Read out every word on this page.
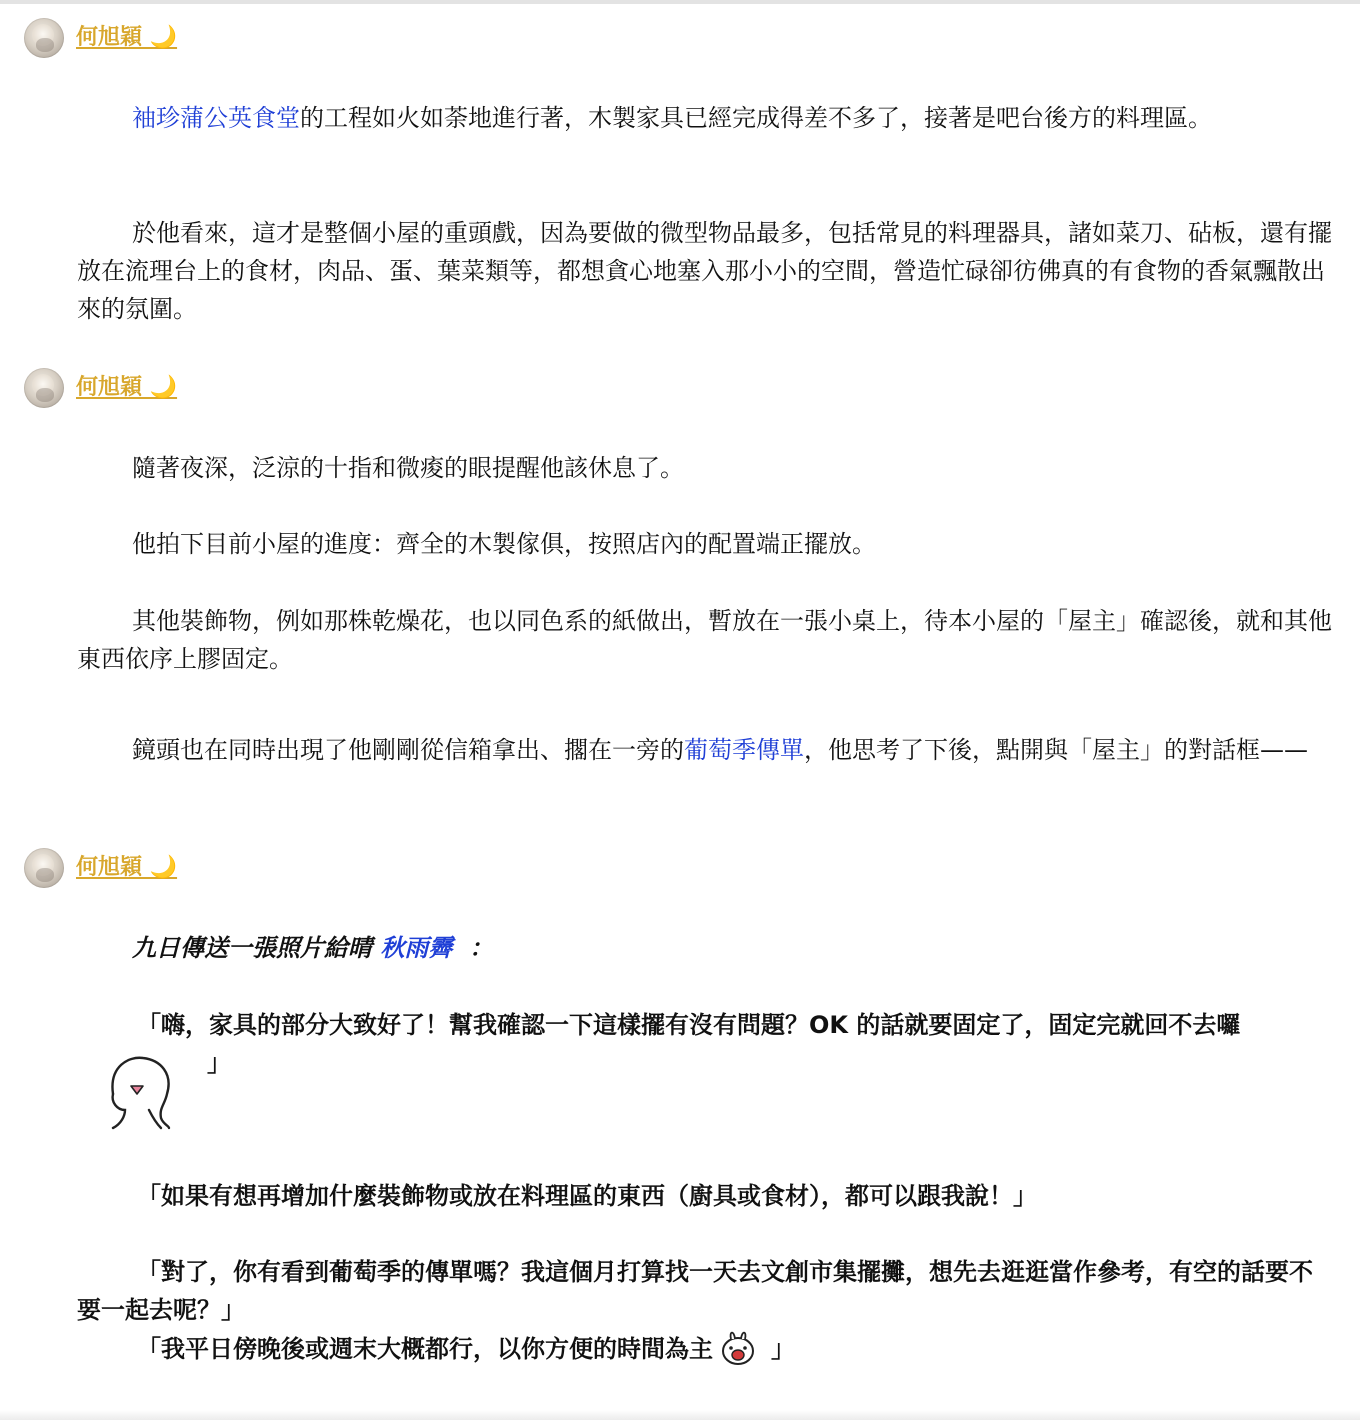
何旭穎 🌙

袖珍蒲公英食堂的工程如火如荼地進行著，木製家具已經完成得差不多了，接著是吧台後方的料理區。

於他看來，這才是整個小屋的重頭戲，因為要做的微型物品最多，包括常見的料理器具，諸如菜刀、砧板，還有擺放在流理台上的食材，肉品、蛋、葉菜類等，都想貪心地塞入那小小的空間，營造忙碌卻彷佛真的有食物的香氣飄散出來的氛圍。

何旭穎 🌙

隨著夜深，泛涼的十指和微痠的眼提醒他該休息了。

他拍下目前小屋的進度：齊全的木製傢俱，按照店內的配置端正擺放。

其他裝飾物，例如那株乾燥花，也以同色系的紙做出，暫放在一張小桌上，待本小屋的「屋主」確認後，就和其他東西依序上膠固定。

鏡頭也在同時出現了他剛剛從信箱拿出、擱在一旁的葡萄季傳單，他思考了下後，點開與「屋主」的對話框——

何旭穎 🌙

九日傳送一張照片給晴 秋雨霽 ：

「嗨，家具的部分大致好了！幫我確認一下這樣擺有沒有問題？OK 的話就要固定了，固定完就回不去囉」

「如果有想再增加什麼裝飾物或放在料理區的東西（廚具或食材），都可以跟我說！」

「對了，你有看到葡萄季的傳單嗎？我這個月打算找一天去文創市集擺攤，想先去逛逛當作參考，有空的話要不要一起去呢？」

「我平日傍晚後或週末大概都行，以你方便的時間為主 」
